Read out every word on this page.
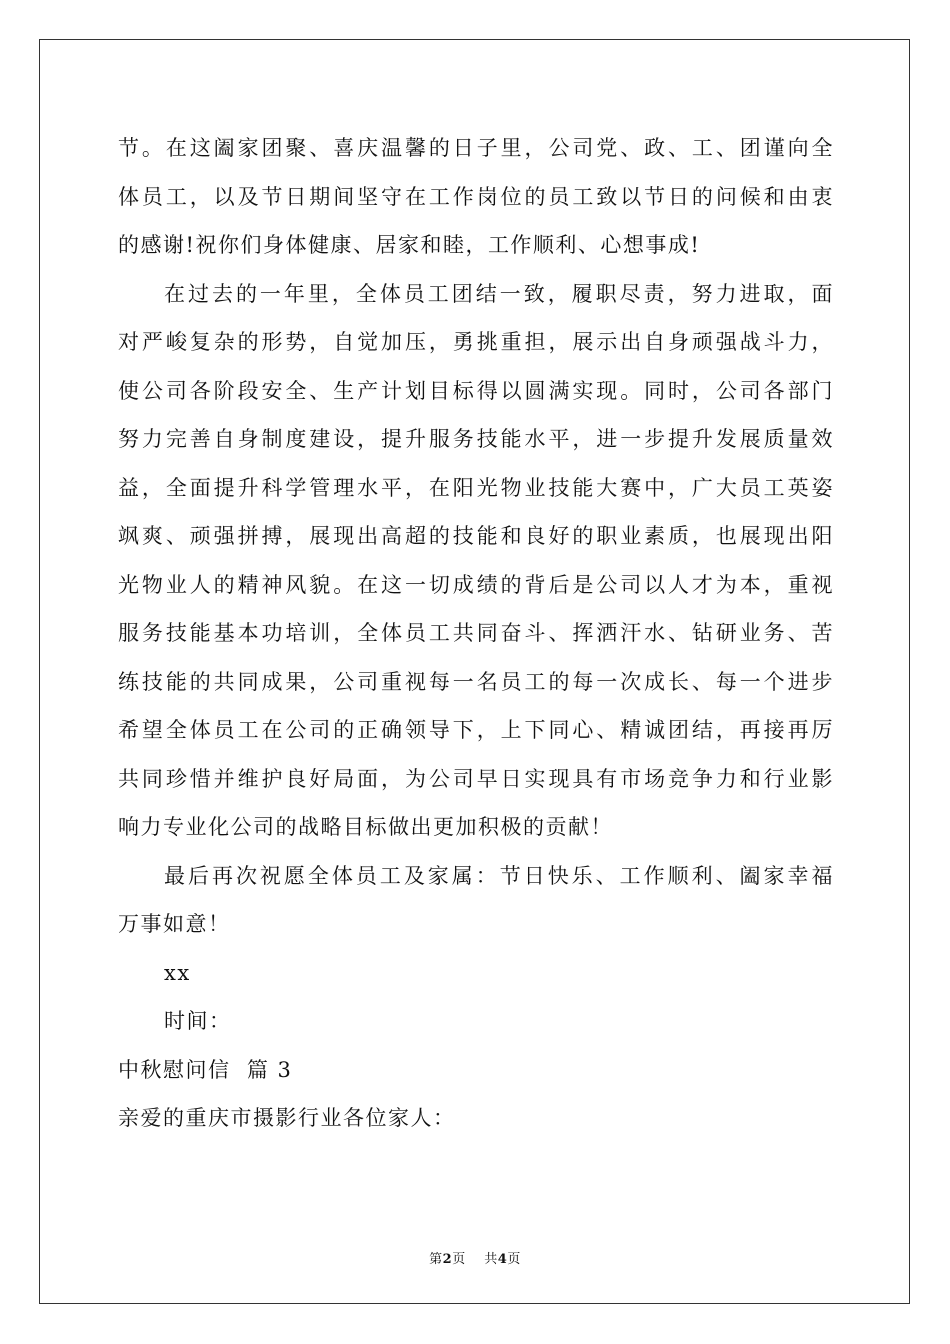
节。在这阖家团聚、喜庆温馨的日子里，公司党、政、工、团谨向全
体员工，以及节日期间坚守在工作岗位的员工致以节日的问候和由衷
的感谢!祝你们身体健康、居家和睦，工作顺利、心想事成!
在过去的一年里，全体员工团结一致，履职尽责，努力进取，面
对严峻复杂的形势，自觉加压，勇挑重担，展示出自身顽强战斗力，
使公司各阶段安全、生产计划目标得以圆满实现。同时，公司各部门
努力完善自身制度建设，提升服务技能水平，进一步提升发展质量效
益，全面提升科学管理水平，在阳光物业技能大赛中，广大员工英姿
飒爽、顽强拼搏，展现出高超的技能和良好的职业素质，也展现出阳
光物业人的精神风貌。在这一切成绩的背后是公司以人才为本，重视
服务技能基本功培训，全体员工共同奋斗、挥洒汗水、钻研业务、苦
练技能的共同成果，公司重视每一名员工的每一次成长、每一个进步
希望全体员工在公司的正确领导下，上下同心、精诚团结，再接再厉
共同珍惜并维护良好局面，为公司早日实现具有市场竞争力和行业影
响力专业化公司的战略目标做出更加积极的贡献！
最后再次祝愿全体员工及家属：节日快乐、工作顺利、阖家幸福
万事如意！
xx
时间：
中秋慰问信  篇 3
亲爱的重庆市摄影行业各位家人：
第2页 共4页
